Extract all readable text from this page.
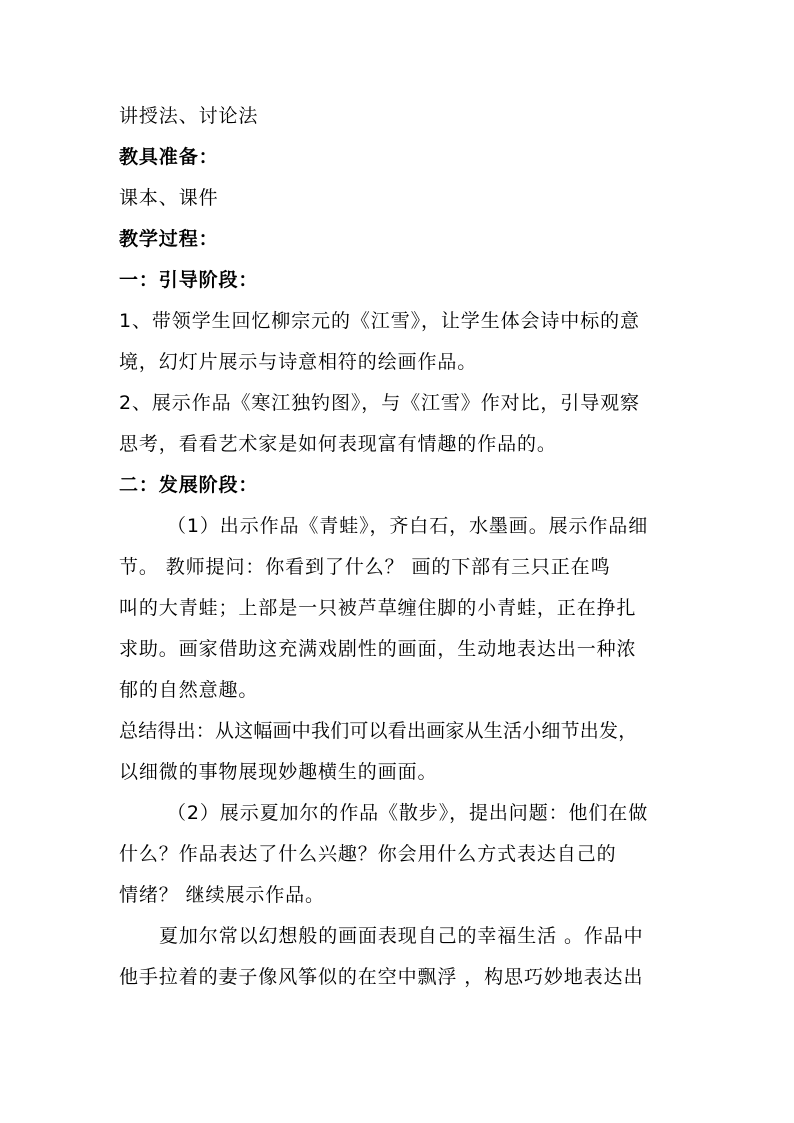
讲授法、讨论法
教具准备：
课本、课件
教学过程：
一：引导阶段：
1、带领学生回忆柳宗元的《江雪》，让学生体会诗中标的意
境，幻灯片展示与诗意相符的绘画作品。
2、展示作品《寒江独钓图》，与《江雪》作对比，引导观察
思考，看看艺术家是如何表现富有情趣的作品的。
二：发展阶段：
（1）出示作品《青蛙》，齐白石，水墨画。展示作品细
节。 教师提问：你看到了什么？ 画的下部有三只正在鸣
叫的大青蛙；上部是一只被芦草缠住脚的小青蛙，正在挣扎
求助。画家借助这充满戏剧性的画面，生动地表达出一种浓
郁的自然意趣。
总结得出：从这幅画中我们可以看出画家从生活小细节出发，
以细微的事物展现妙趣横生的画面。
（2）展示夏加尔的作品《散步》，提出问题：他们在做
什么？作品表达了什么兴趣？你会用什么方式表达自己的
情绪？ 继续展示作品。
夏加尔常以幻想般的画面表现自己的幸福生活 。作品中
他手拉着的妻子像风筝似的在空中飘浮 ，构思巧妙地表达出
